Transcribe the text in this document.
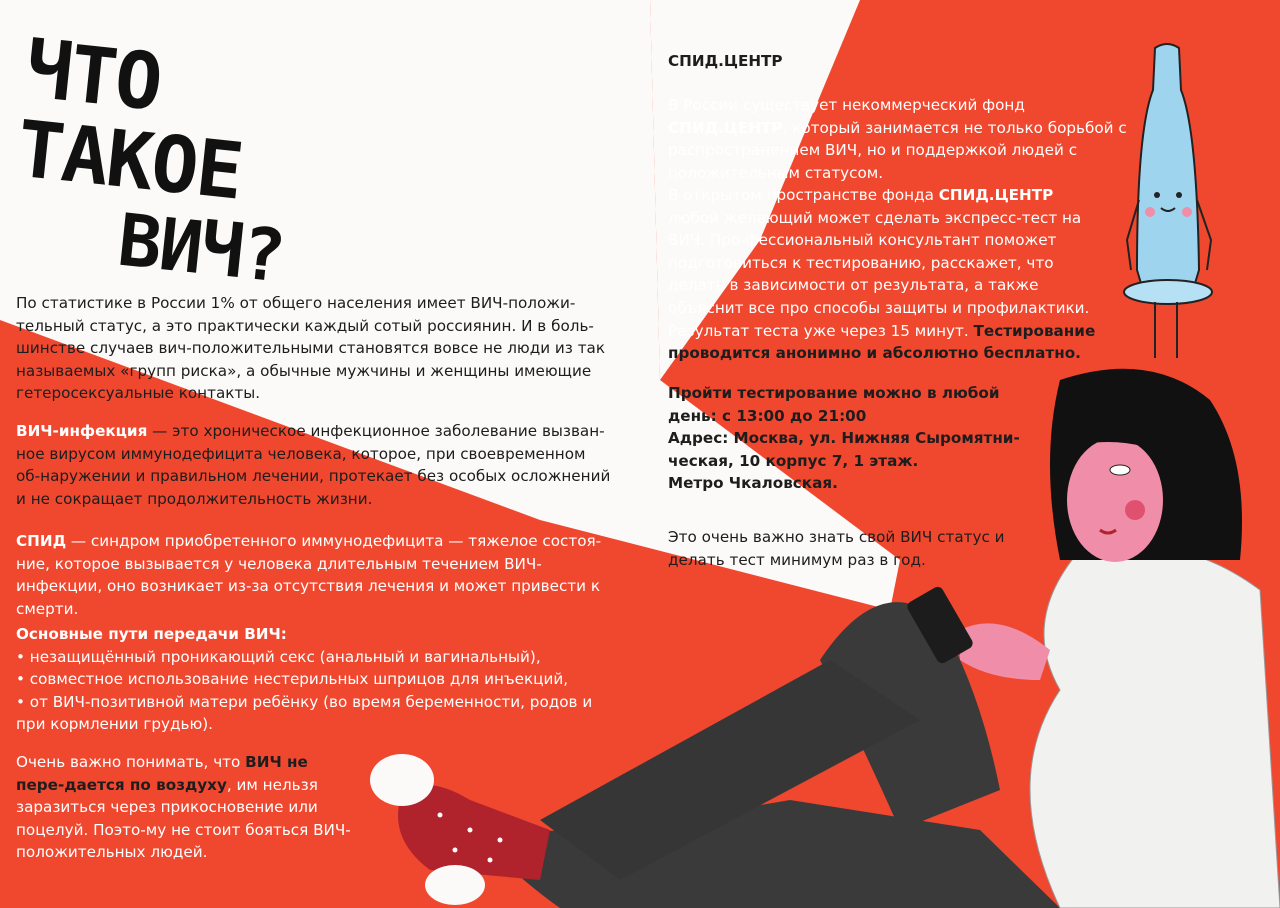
ЧТО ТАКОЕ
ВИЧ?

По статистике в России 1% от общего населения имеет ВИЧ-положи-тельный статус, а это практически каждый сотый россиянин. И в боль-шинстве случаев вич-положительными становятся вовсе не люди из так называемых «групп риска», а обычные мужчины и женщины имеющие гетеросексуальные контакты.

ВИЧ-инфекция — это хроническое инфекционное заболевание вызван-ное вирусом иммунодефицита человека, которое, при своевременном об-наружении и правильном лечении, протекает без особых осложнений и не сокращает продолжительность жизни.

СПИД — синдром приобретенного иммунодефицита — тяжелое состоя-ние, которое вызывается у человека длительным течением ВИЧ-инфекции, оно возникает из-за отсутствия лечения и может привести к смерти.

Основные пути передачи ВИЧ:

• незащищённый проникающий секс (анальный и вагинальный),

• совместное использование нестерильных шприцов для инъекций,

• от ВИЧ-позитивной матери ребёнку (во время беременности, родов и при кормлении грудью).

Очень важно понимать, что ВИЧ не пере-дается по воздуху, им нельзя заразиться через прикосновение или поцелуй. Поэто-му не стоит бояться ВИЧ-положительных людей.

СПИД.ЦЕНТР

В России существует некоммерческий фонд СПИД.ЦЕНТР, который занимается не только борьбой с распространением ВИЧ, но и поддержкой людей с положительным статусом.

В открытом пространстве фонда СПИД.ЦЕНТР любой желающий может сделать экспресс-тест на ВИЧ. Про-фессиональный консультант поможет подготовиться к тестированию, расскажет, что делать в зависимости от результата, а также объяснит все про способы защиты и профилактики. Результат теста уже через 15 минут. Тестирование проводится анонимно и абсолютно бесплатно.

Пройти тестирование можно в любой день: с 13:00 до 21:00

Адрес: Москва, ул. Нижняя Сыромятни-ческая, 10 корпус 7, 1 этаж.

Метро Чкаловская.

Это очень важно знать свой ВИЧ статус и делать тест минимум раз в год.
